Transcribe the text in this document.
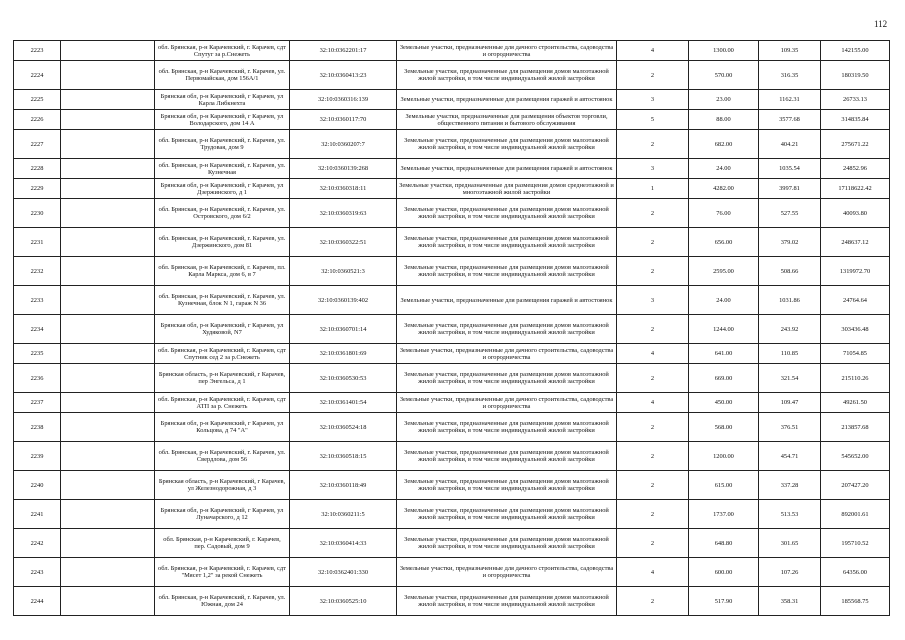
112
2223		обл. Брянская, р-н Карачевский, г. Карачев, сдт Спутуг за р.Снежеть	32:10:0362201:17	Земельные участки, предназначенные для дачного строительства, садоводства и огородничества	4	1300.00	109.35	142155.00
2224		обл. Брянская, р-н Карачевский, г. Карачев, ул. Первомайская, дом 156А/1	32:10:0360413:23	Земельные участки, предназначенные для размещения домов малоэтажной жилой застройки, в том числе индивидуальной жилой застройки	2	570.00	316.35	180319.50
2225		Брянская обл, р-н Карачевский, г Карачев, ул Карла Либкнехта	32:10:0360316:139	Земельные участки, предназначенные для размещения гаражей и автостоянок	3	23.00	1162.31	26733.13
2226		Брянская обл, р-н Карачевский, г Карачев, ул Володарского, дом 14 А	32:10:0360117:70	Земельные участки, предназначенные для размещения объектов торговли, общественного питания и бытового обслуживания	5	88.00	3577.68	314835.84
2227		обл. Брянская, р-н Карачевский, г. Карачев, ул. Трудовая, дом 9	32:10:0360207:7	Земельные участки, предназначенные для размещения домов малоэтажной жилой застройки, в том числе индивидуальной жилой застройки	2	682.00	404.21	275671.22
2228		обл. Брянская, р-н Карачевский, г. Карачев, ул. Кузнечная	32:10:0360139:268	Земельные участки, предназначенные для размещения гаражей и автостоянок	3	24.00	1035.54	24852.96
2229		Брянская обл, р-н Карачевский, г Карачев, ул Дзержинского, д 1	32:10:0360318:11	Земельные участки, предназначенные для размещения домов среднеэтажной и многоэтажной жилой застройки	1	4282.00	3997.81	17118622.42
2230		обл. Брянская, р-н Карачевский, г. Карачев, ул. Островского, дом 6/2	32:10:0360319:63	Земельные участки, предназначенные для размещения домов малоэтажной жилой застройки, в том числе индивидуальной жилой застройки	2	76.00	527.55	40093.80
2231		обл. Брянская, р-н Карачевский, г. Карачев, ул. Дзержинского, дом 81	32:10:0360322:51	Земельные участки, предназначенные для размещения домов малоэтажной жилой застройки, в том числе индивидуальной жилой застройки	2	656.00	379.02	248637.12
2232		обл. Брянская, р-н Карачевский, г. Карачев, пл. Карла Маркса, дом 6, в 7	32:10:0360521:3	Земельные участки, предназначенные для размещения домов малоэтажной жилой застройки, в том числе индивидуальной жилой застройки	2	2595.00	508.66	1319972.70
2233		обл. Брянская, р-н Карачевский, г. Карачев, ул. Кузнечная, блок N 1, гараж N 36	32:10:0360139:402	Земельные участки, предназначенные для размещения гаражей и автостоянок	3	24.00	1031.86	24764.64
2234		Брянская обл, р-н Карачевский, г Карачев, ул Худяковой, N7	32:10:0360701:14	Земельные участки, предназначенные для размещения домов малоэтажной жилой застройки, в том числе индивидуальной жилой застройки	2	1244.00	243.92	303436.48
2235		обл. Брянская, р-н Карачевский, г. Карачев, сдт Спутник сед 2 за р.Снежеть	32:10:0361801:69	Земельные участки, предназначенные для дачного строительства, садоводства и огородничества	4	641.00	110.85	71054.85
2236		Брянская область, р-н Карачевский, г Карачев, пер Энгельса, д 1	32:10:0360530:53	Земельные участки, предназначенные для размещения домов малоэтажной жилой застройки, в том числе индивидуальной жилой застройки	2	669.00	321.54	215110.26
2237		обл. Брянская, р-н Карачевский, г. Карачев, сдт АТП за р. Снежеть	32:10:0361401:54	Земельные участки, предназначенные для дачного строительства, садоводства и огородничества	4	450.00	109.47	49261.50
2238		Брянская обл, р-н Карачевский, г Карачев, ул Кольцова, д 74 "А"	32:10:0360524:18	Земельные участки, предназначенные для размещения домов малоэтажной жилой застройки, в том числе индивидуальной жилой застройки	2	568.00	376.51	213857.68
2239		обл. Брянская, р-н Карачевский, г. Карачев, ул. Свердлова, дом 56	32:10:0360518:15	Земельные участки, предназначенные для размещения домов малоэтажной жилой застройки, в том числе индивидуальной жилой застройки	2	1200.00	454.71	545652.00
2240		Брянская область, р-н Карачевский, г Карачев, ул Железнодорожная, д 3	32:10:0360118:49	Земельные участки, предназначенные для размещения домов малоэтажной жилой застройки, в том числе индивидуальной жилой застройки	2	615.00	337.28	207427.20
2241		Брянская обл, р-н Карачевский, г Карачев, ул Луначарского, д 12	32:10:0360211:5	Земельные участки, предназначенные для размещения домов малоэтажной жилой застройки, в том числе индивидуальной жилой застройки	2	1737.00	513.53	892001.61
2242		обл. Брянская, р-н Карачевский, г. Карачев, пер. Садовый, дом 9	32:10:0360414:33	Земельные участки, предназначенные для размещения домов малоэтажной жилой застройки, в том числе индивидуальной жилой застройки	2	648.80	301.65	195710.52
2243		обл. Брянская, р-н Карачевский, г. Карачев, сдт "Мясет 1,2" за рекой Снежеть	32:10:0362401:330	Земельные участки, предназначенные для дачного строительства, садоводства и огородничества	4	600.00	107.26	64356.00
2244		обл. Брянская, р-н Карачевский, г. Карачев, ул. Южная, дом 24	32:10:0360525:10	Земельные участки, предназначенные для размещения домов малоэтажной жилой застройки, в том числе индивидуальной жилой застройки	2	517.90	358.31	185568.75
